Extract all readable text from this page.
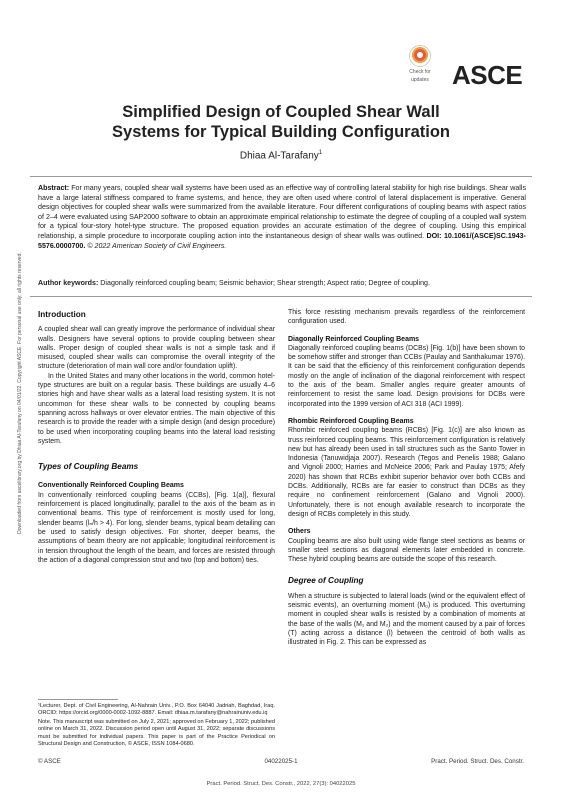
Downloaded from ascelibrary.org by Dhiaa Al-Tarafany on 04/01/22. Copyright ASCE. For personal use only; all rights reserved.
Check for
updates ASCE
Simplified Design of Coupled Shear Wall
Systems for Typical Building Configuration
Dhiaa Al-Tarafany$^1$
Abstract: For many years, coupled shear wall systems have been used as an effective way of controlling lateral stability for high rise buildings. Shear walls have a large lateral stiffness compared to frame systems, and hence, they are often used where control of lateral displacement is imperative. General design objectives for coupled shear walls were summarized from the available literature. Four different configurations of coupling beams with aspect ratios of 2–4 were evaluated using SAP2000 software to obtain an approximate empirical relationship to estimate the degree of coupling of a coupled wall system for a typical four-story hotel-type structure. The proposed equation provides an accurate estimation of the degree of coupling. Using this empirical relationship, a simple procedure to incorporate coupling action into the instantaneous design of shear walls was outlined. DOI: 10.1061/(ASCE)SC.1943-5576.0000700. © 2022 American Society of Civil Engineers.
Author keywords: Diagonally reinforced coupling beam; Seismic behavior; Shear strength; Aspect ratio; Degree of coupling.
Introduction

A coupled shear wall can greatly improve the performance of individual shear walls. Designers have several options to provide coupling between shear walls. Proper design of coupled shear walls is not a simple task and if misused, coupled shear walls can compromise the overall integrity of the structure (deterioration of main wall core and/or foundation uplift).

In the United States and many other locations in the world, common hotel-type structures are built on a regular basis. These buildings are usually 4–6 stories high and have shear walls as a lateral load resisting system. It is not uncommon for these shear walls to be connected by coupling beams spanning across hallways or over elevator entries. The main objective of this research is to provide the reader with a simple design (and design procedure) to be used when incorporating coupling beams into the lateral load resisting system.

Types of Coupling Beams
Conventionally Reinforced Coupling Beams

In conventionally reinforced coupling beams (CCBs), [Fig. 1(a)], flexural reinforcement is placed longitudinally, parallel to the axis of the beam as in conventional beams. This type of reinforcement is mostly used for long, slender beams (lₙ/h > 4). For long, slender beams, typical beam detailing can be used to satisfy design objectives. For shorter, deeper beams, the assumptions of beam theory are not applicable; longitudinal reinforcement is in tension throughout the length of the beam, and forces are resisted through the action of a diagonal compression strut and two (top and bottom) ties.

¹Lecturer, Dept. of Civil Engineering, Al-Nahrain Univ., P.O. Box 64040 Jadriah, Baghdad, Iraq. ORCID: https://orcid.org/0000-0002-1092-8887. Email: dhiaa.m.tarafany@nahrainuniv.edu.iq

Note. This manuscript was submitted on July 2, 2021; approved on February 1, 2022; published online on March 31, 2022. Discussion period open until August 31, 2022; separate discussions must be submitted for individual papers. This paper is part of the Practice Periodical on Structural Design and Construction, © ASCE, ISSN 1084-0680.

This force resisting mechanism prevails regardless of the reinforcement configuration used.

Diagonally Reinforced Coupling Beams

Diagonally reinforced coupling beams (DCBs) [Fig. 1(b)] have been shown to be somehow stiffer and stronger than CCBs (Paulay and Santhakumar 1976). It can be said that the efficiency of this reinforcement configuration depends mostly on the angle of inclination of the diagonal reinforcement with respect to the axis of the beam. Smaller angles require greater amounts of reinforcement to resist the same load. Design provisions for DCBs were incorporated into the 1999 version of ACI 318 (ACI 1999).

Rhombic Reinforced Coupling Beams

Rhombic reinforced coupling beams (RCBs) [Fig. 1(c)] are also known as truss reinforced coupling beams. This reinforcement configuration is relatively new but has already been used in tall structures such as the Santo Tower in Indonesia (Tanuwidjaja 2007). Research (Tegos and Penelis 1988; Galano and Vignoli 2000; Harries and McNeice 2006; Park and Paulay 1975; Afefy 2020) has shown that RCBs exhibit superior behavior over both CCBs and DCBs. Additionally, RCBs are far easier to construct than DCBs as they require no confinement reinforcement (Galano and Vignoli 2000). Unfortunately, there is not enough available research to incorporate the design of RCBs completely in this study.

Others

Coupling beams are also built using wide flange steel sections as beams or smaller steel sections as diagonal elements later embedded in concrete. These hybrid coupling beams are outside the scope of this research.

Degree of Coupling

When a structure is subjected to lateral loads (wind or the equivalent effect of seismic events), an overturning moment (Mₒ) is produced. This overturning moment in coupled shear walls is resisted by a combination of moments at the base of the walls (M₁ and M₂) and the moment caused by a pair of forces (T) acting across a distance (l) between the centroid of both walls as illustrated in Fig. 2. This can be expressed as

© ASCE	04022025-1	Pract. Period. Struct. Des. Constr.
Pract. Period. Struct. Des. Constr., 2022, 27(3): 04022025
